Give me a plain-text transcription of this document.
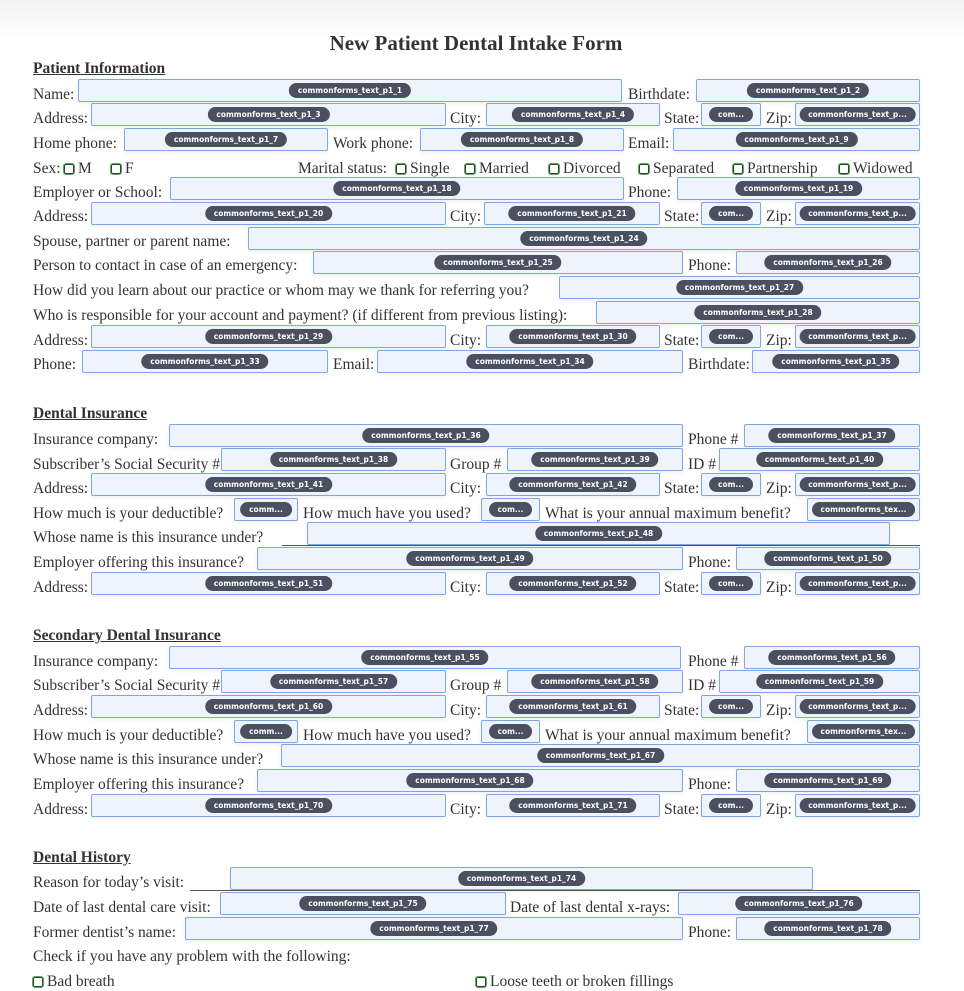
New Patient Dental Intake Form
Patient Information
Name:	commonforms_text_p1_1	Birthdate:	commonforms_text_p1_2
Address:	commonforms_text_p1_3	City:	commonforms_text_p1_4	State:	com...	Zip:	commonforms_text_p...
Home phone:	commonforms_text_p1_7	Work phone:	commonforms_text_p1_8	Email:	commonforms_text_p1_9
Sex:	M	F	Marital status:	Single	Married	Divorced	Separated	Partnership	Widowed
Employer or School:	commonforms_text_p1_18	Phone:	commonforms_text_p1_19
Address:	commonforms_text_p1_20	City:	commonforms_text_p1_21	State:	com...	Zip:	commonforms_text_p...
Spouse, partner or parent name:	commonforms_text_p1_24
Person to contact in case of an emergency:	commonforms_text_p1_25	Phone:	commonforms_text_p1_26
How did you learn about our practice or whom may we thank for referring you?	commonforms_text_p1_27
Who is responsible for your account and payment? (if different from previous listing):	commonforms_text_p1_28
Address:	commonforms_text_p1_29	City:	commonforms_text_p1_30	State:	com...	Zip:	commonforms_text_p...
Phone:	commonforms_text_p1_33	Email:	commonforms_text_p1_34	Birthdate:	commonforms_text_p1_35
Dental Insurance
Insurance company:	commonforms_text_p1_36	Phone #	commonforms_text_p1_37
Subscriber’s Social Security #	commonforms_text_p1_38	Group #	commonforms_text_p1_39	ID #	commonforms_text_p1_40
Address:	commonforms_text_p1_41	City:	commonforms_text_p1_42	State:	com...	Zip:	commonforms_text_p...
How much is your deductible?	comm...	How much have you used?	com...	What is your annual maximum benefit?	commonforms_tex...
Whose name is this insurance under?	commonforms_text_p1_48
Employer offering this insurance?	commonforms_text_p1_49	Phone:	commonforms_text_p1_50
Address:	commonforms_text_p1_51	City:	commonforms_text_p1_52	State:	com...	Zip:	commonforms_text_p...
Secondary Dental Insurance
Insurance company:	commonforms_text_p1_55	Phone #	commonforms_text_p1_56
Subscriber’s Social Security #	commonforms_text_p1_57	Group #	commonforms_text_p1_58	ID #	commonforms_text_p1_59
Address:	commonforms_text_p1_60	City:	commonforms_text_p1_61	State:	com...	Zip:	commonforms_text_p...
How much is your deductible?	comm...	How much have you used?	com...	What is your annual maximum benefit?	commonforms_tex...
Whose name is this insurance under?	commonforms_text_p1_67
Employer offering this insurance?	commonforms_text_p1_68	Phone:	commonforms_text_p1_69
Address:	commonforms_text_p1_70	City:	commonforms_text_p1_71	State:	com...	Zip:	commonforms_text_p...
Dental History
Reason for today’s visit:	commonforms_text_p1_74
Date of last dental care visit:	commonforms_text_p1_75	Date of last dental x-rays:	commonforms_text_p1_76
Former dentist’s name:	commonforms_text_p1_77	Phone:	commonforms_text_p1_78
Check if you have any problem with the following:
Bad breath	Loose teeth or broken fillings
